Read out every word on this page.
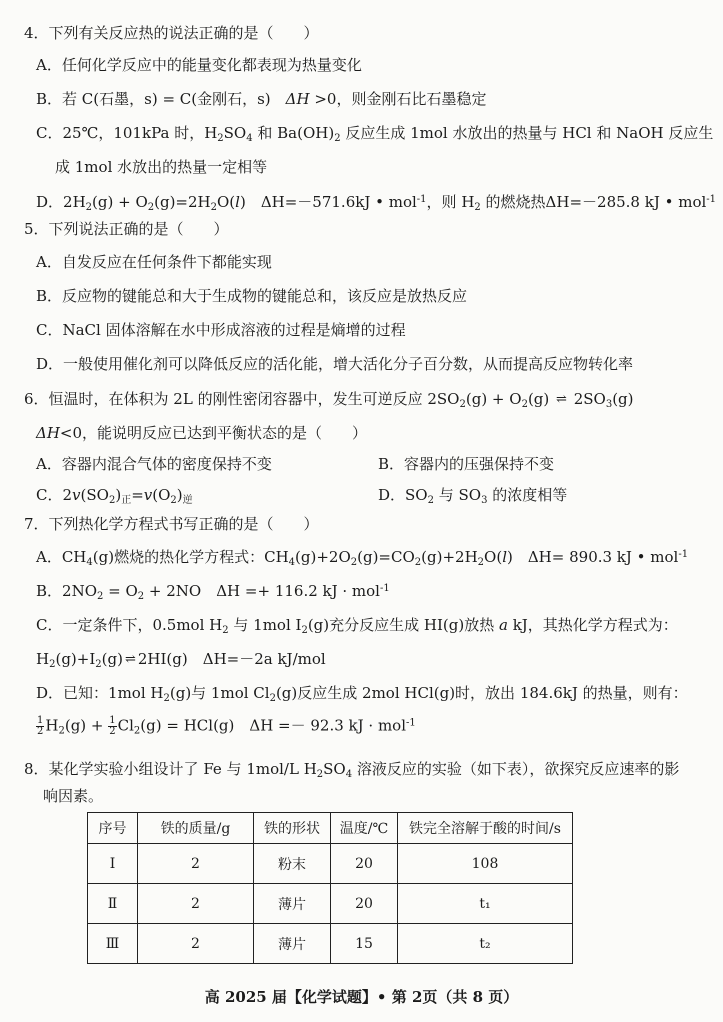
4．下列有关反应热的说法正确的是（　　）
A．任何化学反应中的能量变化都表现为热量变化
B．若 C(石墨，s) = C(金刚石，s)　ΔH >0，则金刚石比石墨稳定
C．25℃，101kPa 时，$H_2SO_4$ 和 $Ba(OH)_2$ 反应生成 1mol 水放出的热量与 HCl 和 NaOH 反应生
成 1mol 水放出的热量一定相等
D．$2H_2(g) + O_2(g)=2H_2O(l)$　ΔH=－571.6kJ • mol$^{-1}$，则 $H_2$ 的燃烧热ΔH=－285.8 kJ • mol$^{-1}$
5．下列说法正确的是（　　）
A．自发反应在任何条件下都能实现
B．反应物的键能总和大于生成物的键能总和，该反应是放热反应
C．NaCl 固体溶解在水中形成溶液的过程是熵增的过程
D．一般使用催化剂可以降低反应的活化能，增大活化分子百分数，从而提高反应物转化率
6．恒温时，在体积为 2L 的刚性密闭容器中，发生可逆反应 $2SO_2(g) + O_2(g)$ ⇌ $2SO_3(g)$
ΔH<0，能说明反应已达到平衡状态的是（　　）
A．容器内混合气体的密度保持不变	B．容器内的压强保持不变
C．$2v(SO_2)_正=v(O_2)_逆$	D．$SO_2$ 与 $SO_3$ 的浓度相等
7．下列热化学方程式书写正确的是（　　）
A．$CH_4(g)$燃烧的热化学方程式：$CH_4(g)+2O_2(g)=CO_2(g)+2H_2O(l)$　ΔH= 890.3 kJ • mol$^{-1}$
B．$2NO_2 = O_2 + 2NO$　ΔH =+ 116.2 kJ · mol$^{-1}$
C．一定条件下，0.5mol $H_2$ 与 1mol $I_2(g)$充分反应生成 HI(g)放热 a kJ，其热化学方程式为：
$H_2(g)+I_2(g)$ ⇌ 2HI(g)　ΔH=－2a kJ/mol
D．已知：1mol $H_2(g)$与 1mol $Cl_2(g)$反应生成 2mol HCl(g)时，放出 184.6kJ 的热量，则有：
$\frac{1}{2} H_2(g) + \frac{1}{2} Cl_2(g) = HCl(g)$　ΔH =－ 92.3 kJ · mol$^{-1}$
8．某化学实验小组设计了 Fe 与 1mol/L $H_2SO_4$ 溶液反应的实验（如下表），欲探究反应速率的影
响因素。
序号	铁的质量/g	铁的形状	温度/℃	铁完全溶解于酸的时间/s
Ⅰ	2	粉末	20	108
Ⅱ	2	薄片	20	t₁
Ⅲ	2	薄片	15	t₂
高 2025 届【化学试题】• 第 2页（共 8 页）
